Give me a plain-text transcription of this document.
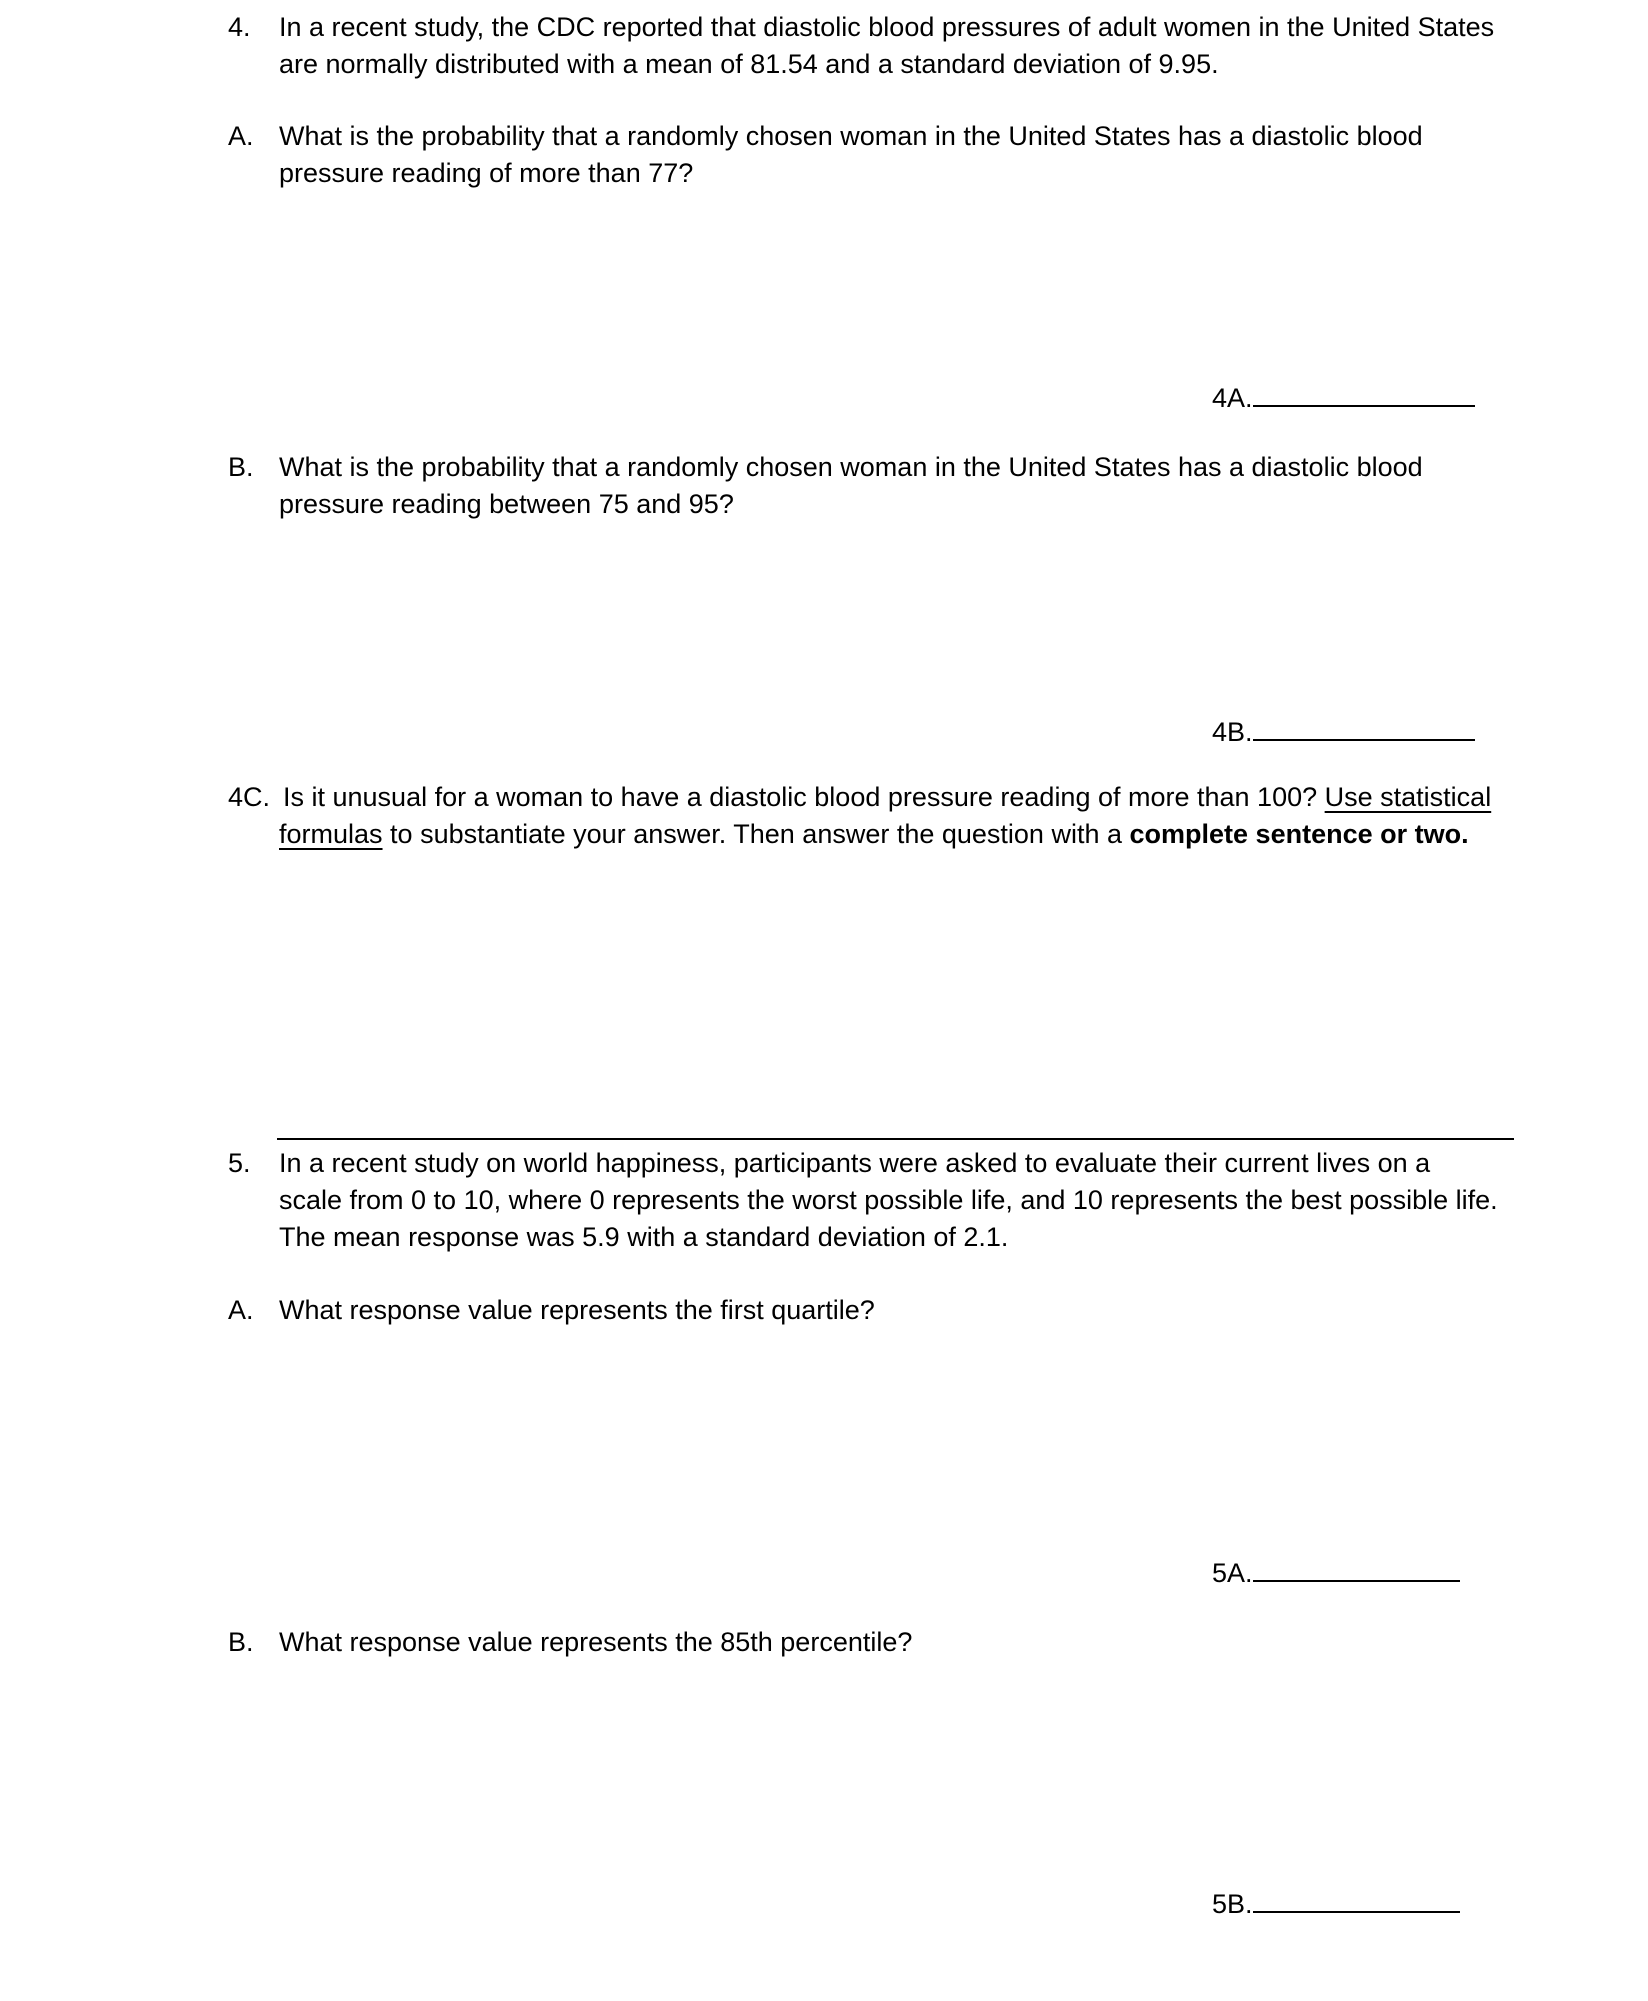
4. In a recent study, the CDC reported that diastolic blood pressures of adult women in the United States

are normally distributed with a mean of 81.54 and a standard deviation of 9.95.

A. What is the probability that a randomly chosen woman in the United States has a diastolic blood

pressure reading of more than 77?

4A.
B. What is the probability that a randomly chosen woman in the United States has a diastolic blood

pressure reading between 75 and 95?

4B.
4C. Is it unusual for a woman to have a diastolic blood pressure reading of more than 100? Use statistical

formulas to substantiate your answer. Then answer the question with a complete sentence or two.

5. In a recent study on world happiness, participants were asked to evaluate their current lives on a

scale from 0 to 10, where 0 represents the worst possible life, and 10 represents the best possible life.

The mean response was 5.9 with a standard deviation of 2.1.

A. What response value represents the first quartile?

5A.
B. What response value represents the 85th percentile?

5B.
